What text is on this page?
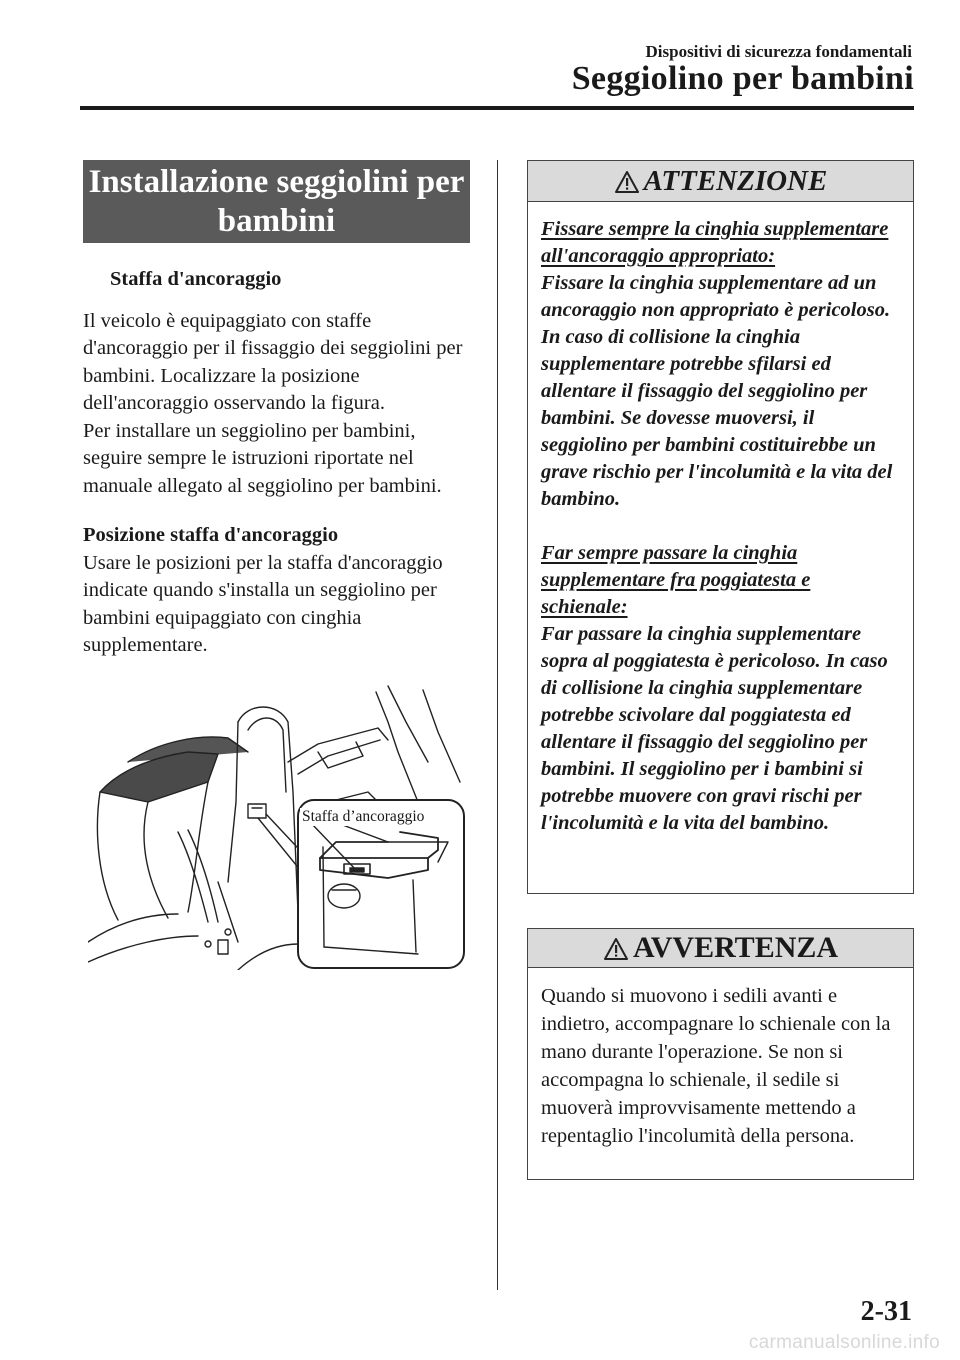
Dispositivi di sicurezza fondamentali
Seggiolino per bambini
Installazione seggiolini per bambini
Staffa d'ancoraggio

Il veicolo è equipaggiato con staffe d'ancoraggio per il fissaggio dei seggiolini per bambini. Localizzare la posizione dell'ancoraggio osservando la figura.

Per installare un seggiolino per bambini, seguire sempre le istruzioni riportate nel manuale allegato al seggiolino per bambini.

Posizione staffa d'ancoraggio

Usare le posizioni per la staffa d'ancoraggio indicate quando s'installa un seggiolino per bambini equipaggiato con cinghia supplementare.

Staffa d’ancoraggio
ATTENZIONE
Fissare sempre la cinghia supplementare all'ancoraggio appropriato:
Fissare la cinghia supplementare ad un ancoraggio non appropriato è pericoloso. In caso di collisione la cinghia supplementare potrebbe sfilarsi ed allentare il fissaggio del seggiolino per bambini. Se dovesse muoversi, il seggiolino per bambini costituirebbe un grave rischio per l'incolumità e la vita del bambino.
Far sempre passare la cinghia supplementare fra poggiatesta e schienale:
Far passare la cinghia supplementare sopra al poggiatesta è pericoloso. In caso di collisione la cinghia supplementare potrebbe scivolare dal poggiatesta ed allentare il fissaggio del seggiolino per bambini. Il seggiolino per i bambini si potrebbe muovere con gravi rischi per l'incolumità e la vita del bambino.
AVVERTENZA
Quando si muovono i sedili avanti e indietro, accompagnare lo schienale con la mano durante l'operazione. Se non si accompagna lo schienale, il sedile si muoverà improvvisamente mettendo a repentaglio l'incolumità della persona.
2-31
carmanualsonline.info
